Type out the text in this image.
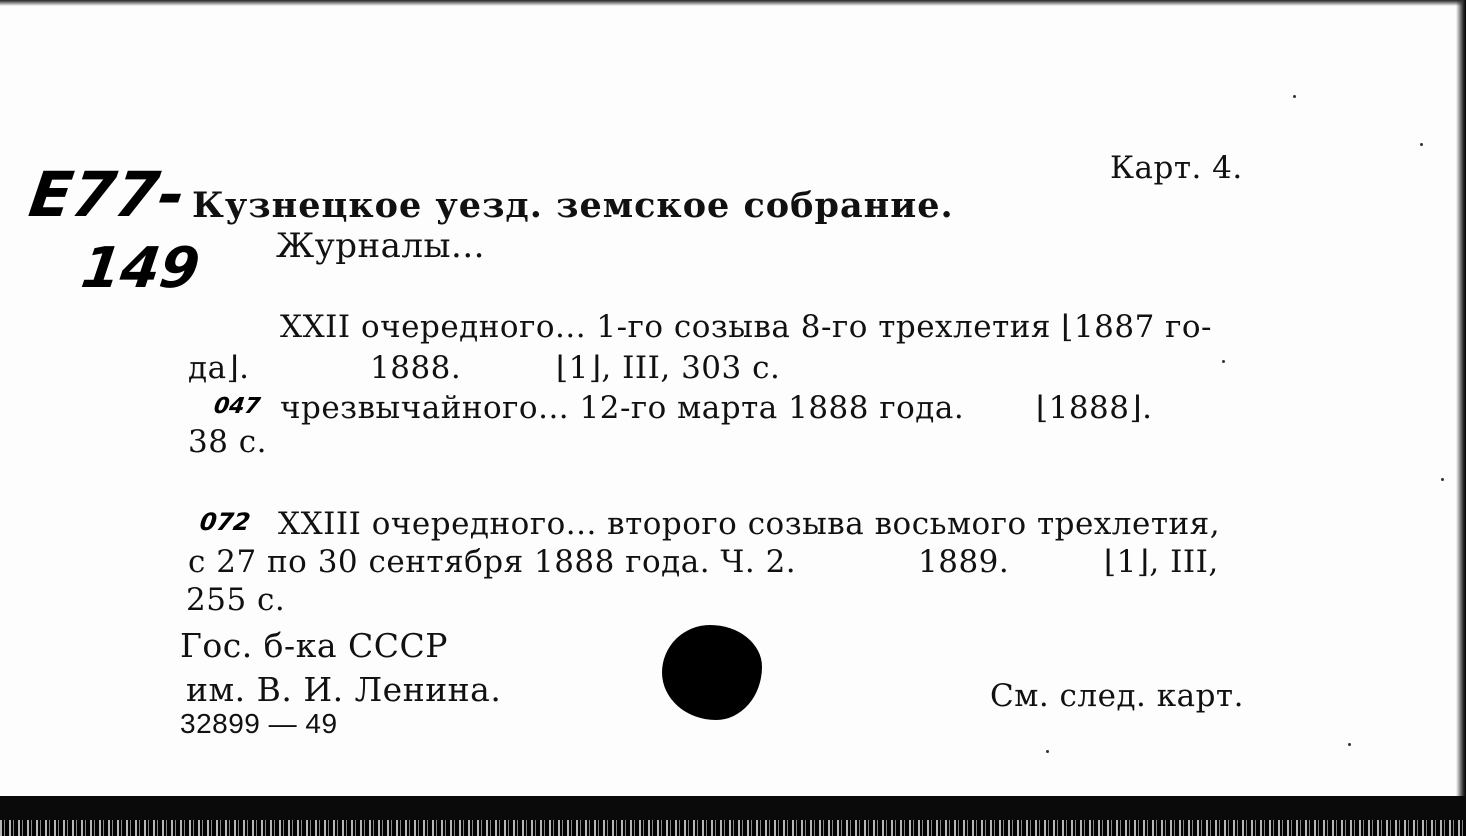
Е77-
149
Карт. 4.
Кузнецкое уезд. земское собрание.
Журналы...
XXII очередного... 1-го созыва 8-го трехлетия ⌊1887 го-
да⌋.	1888.	⌊1⌋, III, 303 с.
047 чрезвычайного... 12-го марта 1888 года. ⌊1888⌋.
38 с.
072 XXIII очередного... второго созыва восьмого трехлетия,
с 27 по 30 сентября 1888 года. Ч. 2.	1889.	⌊1⌋, III,
255 с.
Гос. б-ка СССР
им. В. И. Ленина.
32899 — 49
См. след. карт.
